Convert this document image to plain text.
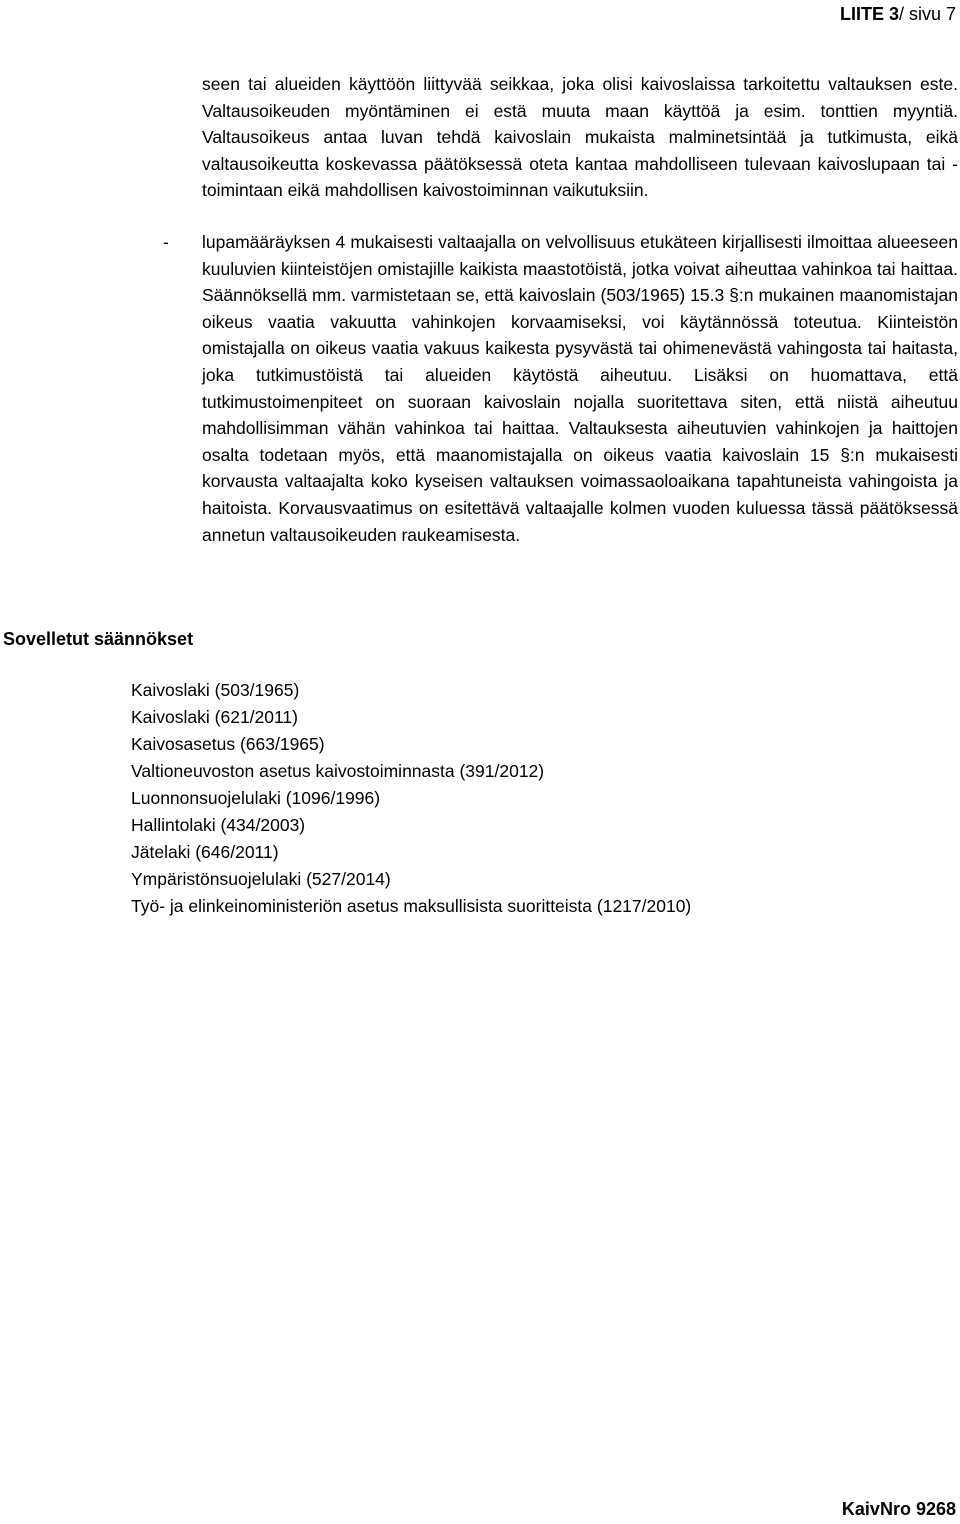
LIITE 3/ sivu 7

seen tai alueiden käyttöön liittyvää seikkaa, joka olisi kaivoslaissa tarkoitettu valtauksen este. Valtausoikeuden myöntäminen ei estä muuta maan käyttöä ja esim. tonttien myyntiä. Valtausoikeus antaa luvan tehdä kaivoslain mukaista malminetsintää ja tutkimusta, eikä valtausoikeutta koskevassa päätöksessä oteta kantaa mahdolliseen tulevaan kaivoslupaan tai -toimintaan eikä mahdollisen kaivostoiminnan vaikutuksiin.

- lupamääräyksen 4 mukaisesti valtaajalla on velvollisuus etukäteen kirjallisesti ilmoittaa alueeseen kuuluvien kiinteistöjen omistajille kaikista maastotöistä, jotka voivat aiheuttaa vahinkoa tai haittaa. Säännöksellä mm. varmistetaan se, että kaivoslain (503/1965) 15.3 §:n mukainen maanomistajan oikeus vaatia vakuutta vahinkojen korvaamiseksi, voi käytännössä toteutua. Kiinteistön omistajalla on oikeus vaatia vakuus kaikesta pysyvästä tai ohimenevästä vahingosta tai haitasta, joka tutkimustöistä tai alueiden käytöstä aiheutuu. Lisäksi on huomattava, että tutkimustoimenpiteet on suoraan kaivoslain nojalla suoritettava siten, että niistä aiheutuu mahdollisimman vähän vahinkoa tai haittaa. Valtauksesta aiheutuvien vahinkojen ja haittojen osalta todetaan myös, että maanomistajalla on oikeus vaatia kaivoslain 15 §:n mukaisesti korvausta valtaajalta koko kyseisen valtauksen voimassaoloaikana tapahtuneista vahingoista ja haitoista. Korvausvaatimus on esitettävä valtaajalle kolmen vuoden kuluessa tässä päätöksessä annetun valtausoikeuden raukeamisesta.

Sovelletut säännökset
Kaivoslaki (503/1965)
Kaivoslaki (621/2011)
Kaivosasetus (663/1965)
Valtioneuvoston asetus kaivostoiminnasta (391/2012)
Luonnonsuojelulaki (1096/1996)
Hallintolaki (434/2003)
Jätelaki (646/2011)
Ympäristönsuojelulaki (527/2014)
Työ- ja elinkeinoministeriön asetus maksullisista suoritteista (1217/2010)
KaivNro 9268
